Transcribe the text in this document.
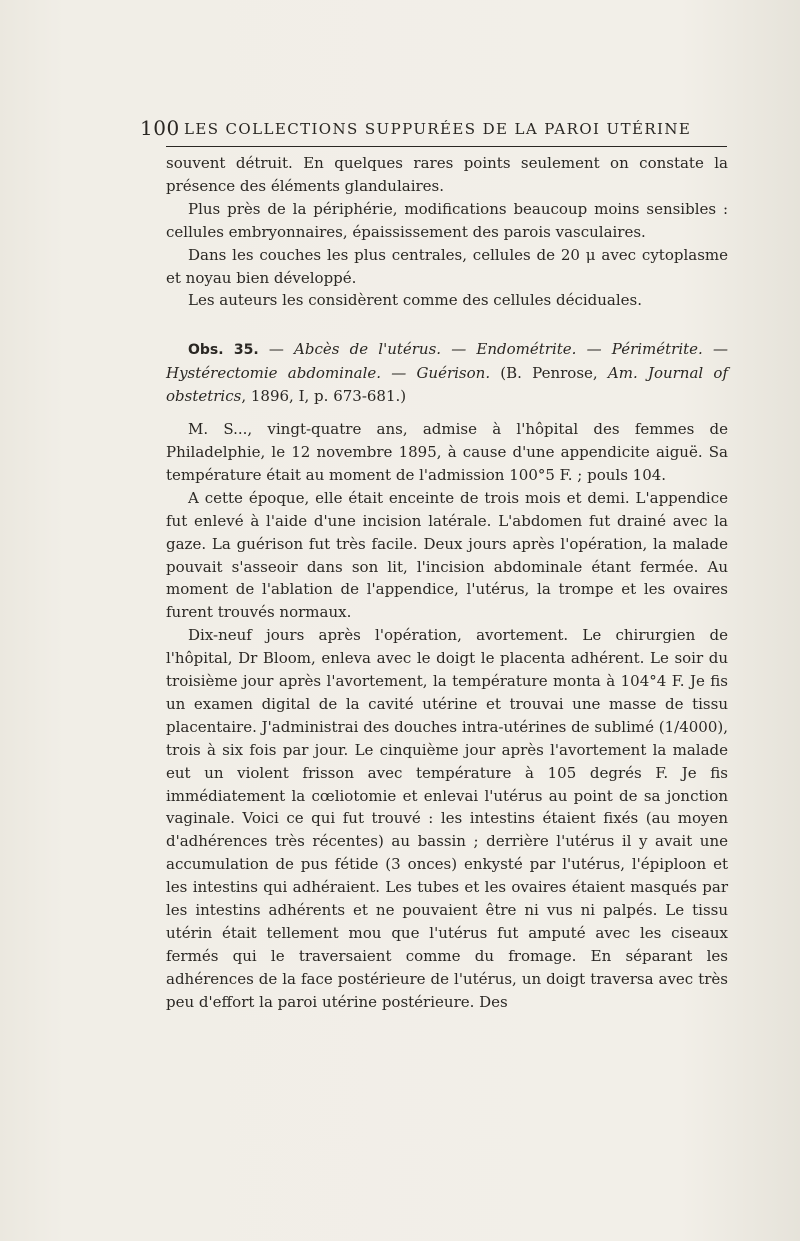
100 LES COLLECTIONS SUPPURÉES DE LA PAROI UTÉRINE

souvent détruit. En quelques rares points seulement on constate la présence des éléments glandulaires.

Plus près de la périphérie, modifications beaucoup moins sensibles : cellules embryonnaires, épaississement des parois vasculaires.

Dans les couches les plus centrales, cellules de 20 μ avec cytoplasme et noyau bien développé.

Les auteurs les considèrent comme des cellules déciduales.

Obs. 35. — Abcès de l'utérus. — Endométrite. — Périmétrite. — Hystérectomie abdominale. — Guérison. (B. Penrose, Am. Journal of obstetrics, 1896, I, p. 673-681.)

M. S..., vingt-quatre ans, admise à l'hôpital des femmes de Philadelphie, le 12 novembre 1895, à cause d'une appendicite aiguë. Sa température était au moment de l'admission 100°5 F. ; pouls 104.

A cette époque, elle était enceinte de trois mois et demi. L'appendice fut enlevé à l'aide d'une incision latérale. L'abdomen fut drainé avec la gaze. La guérison fut très facile. Deux jours après l'opération, la malade pouvait s'asseoir dans son lit, l'incision abdominale étant fermée. Au moment de l'ablation de l'appendice, l'utérus, la trompe et les ovaires furent trouvés normaux.

Dix-neuf jours après l'opération, avortement. Le chirurgien de l'hôpital, Dr Bloom, enleva avec le doigt le placenta adhérent. Le soir du troisième jour après l'avortement, la température monta à 104°4 F. Je fis un examen digital de la cavité utérine et trouvai une masse de tissu placentaire. J'administrai des douches intra-utérines de sublimé (1/4000), trois à six fois par jour. Le cinquième jour après l'avortement la malade eut un violent frisson avec température à 105 degrés F. Je fis immédiatement la cœliotomie et enlevai l'utérus au point de sa jonction vaginale. Voici ce qui fut trouvé : les intestins étaient fixés (au moyen d'adhérences très récentes) au bassin ; derrière l'utérus il y avait une accumulation de pus fétide (3 onces) enkysté par l'utérus, l'épiploon et les intestins qui adhéraient. Les tubes et les ovaires étaient masqués par les intestins adhérents et ne pouvaient être ni vus ni palpés. Le tissu utérin était tellement mou que l'utérus fut amputé avec les ciseaux fermés qui le traversaient comme du fromage. En séparant les adhérences de la face postérieure de l'utérus, un doigt traversa avec très peu d'effort la paroi utérine postérieure. Des
